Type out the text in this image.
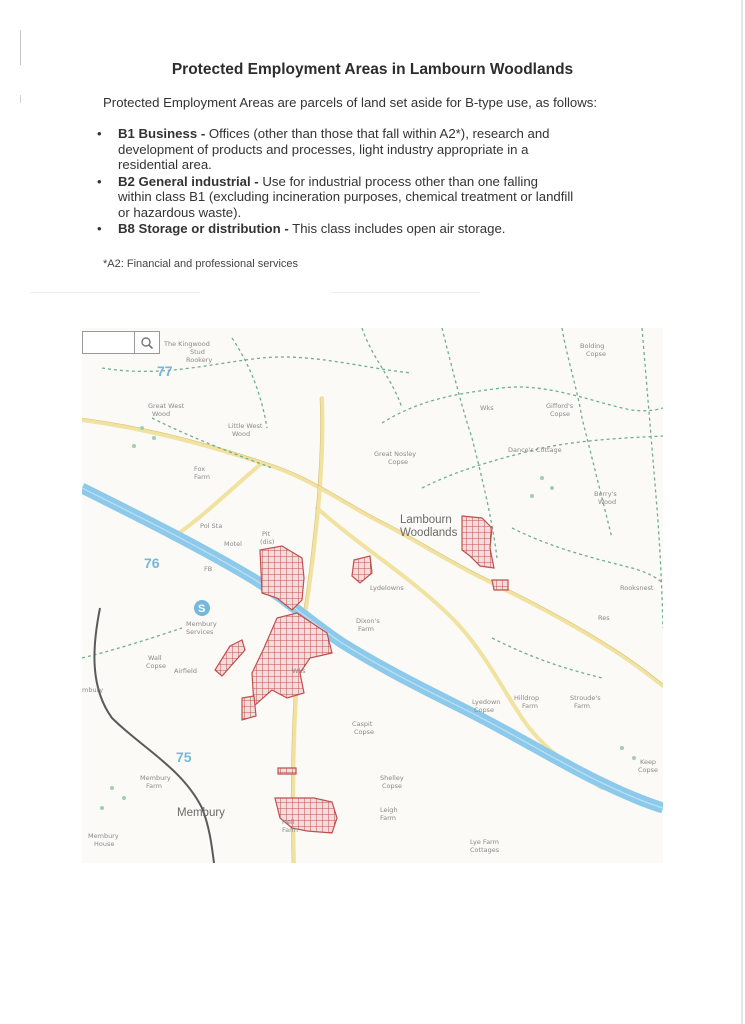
Protected Employment Areas in Lambourn Woodlands
Protected Employment Areas are parcels of land set aside for B-type use, as follows:
• B1 Business - Offices (other than those that fall within A2*), research and
development of products and processes, light industry appropriate in a
residential area.
• B2 General industrial - Use for industrial process other than one falling
within class B1 (excluding incineration purposes, chemical treatment or landfill
or hazardous waste).
• B8 Storage or distribution - This class includes open air storage.
*A2: Financial and professional services
77
76
75
S
Lambourn
Woodlands
Membury
The Kingwood
Stud
Rookery
Great West
Wood
Little West
Wood
Fox
Farm
Pol Sta
Motel
FB
Membury
Services
Wall
Copse
Airfield
Great Nosley
Copse
Lydelowns
Dixon's
Farm
Hilldrop
Farm
Lyedown
Copse
Membury
Farm
Membury
House
Leigh
Farm
Rooksnest
Stroude's
Farm
Lye Farm
Cottages
Bolding
Copse
Gifford's
Copse
Dance's Cottage
Berry's
Wood
Keep
Copse
Caspit
Copse
Pit
(dis)
Wks
mbury
Shelley
Copse
Wks
Hell
Farm
Res
